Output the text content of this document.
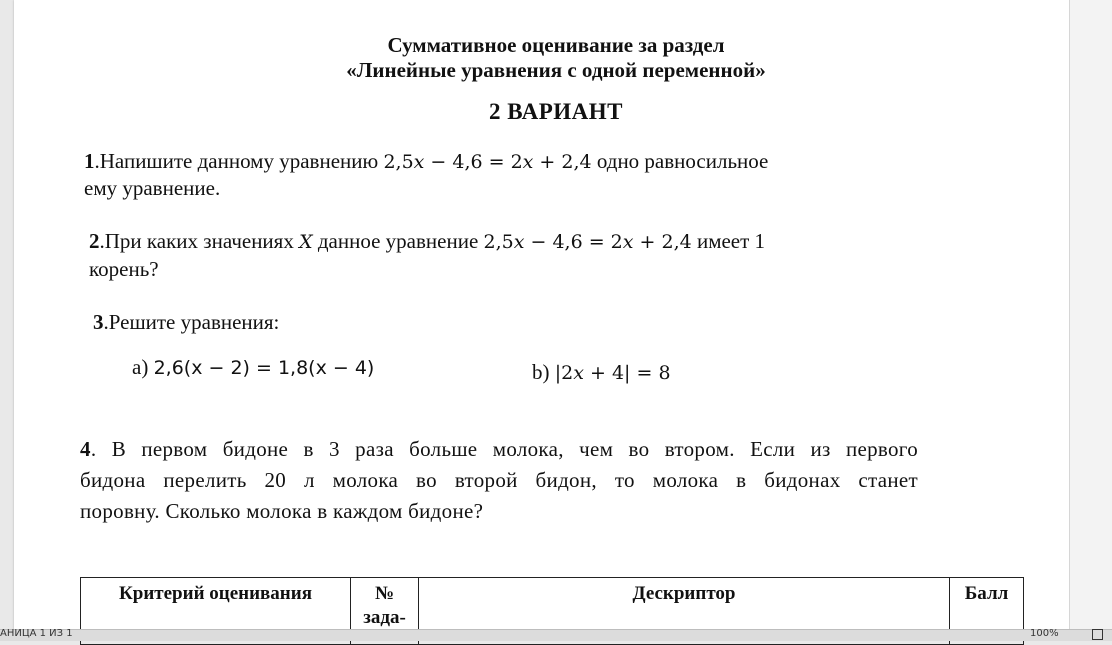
Суммативное оценивание за раздел
«Линейные уравнения с одной переменной»
2 ВАРИАНТ
1.Напишите данному уравнению 2,5𝑥 − 4,6 = 2𝑥 + 2,4 одно равносильное
ему уравнение.
2.При каких значениях 𝑋 данное уравнение 2,5𝑥 − 4,6 = 2𝑥 + 2,4 имеет 1
корень?
3.Решите уравнения:
а) 2,6(x − 2) = 1,8(x − 4)	b) |2𝑥 + 4| = 8
4. В первом бидоне в 3 раза больше молока, чем во втором. Если из первого
бидона перелить 20 л молока во второй бидон, то молока в бидонах станет
поровну. Сколько молока в каждом бидоне?
Критерий оценивания	№ зада-	Дескриптор	Балл
АНИЦА 1 ИЗ 1	100%
